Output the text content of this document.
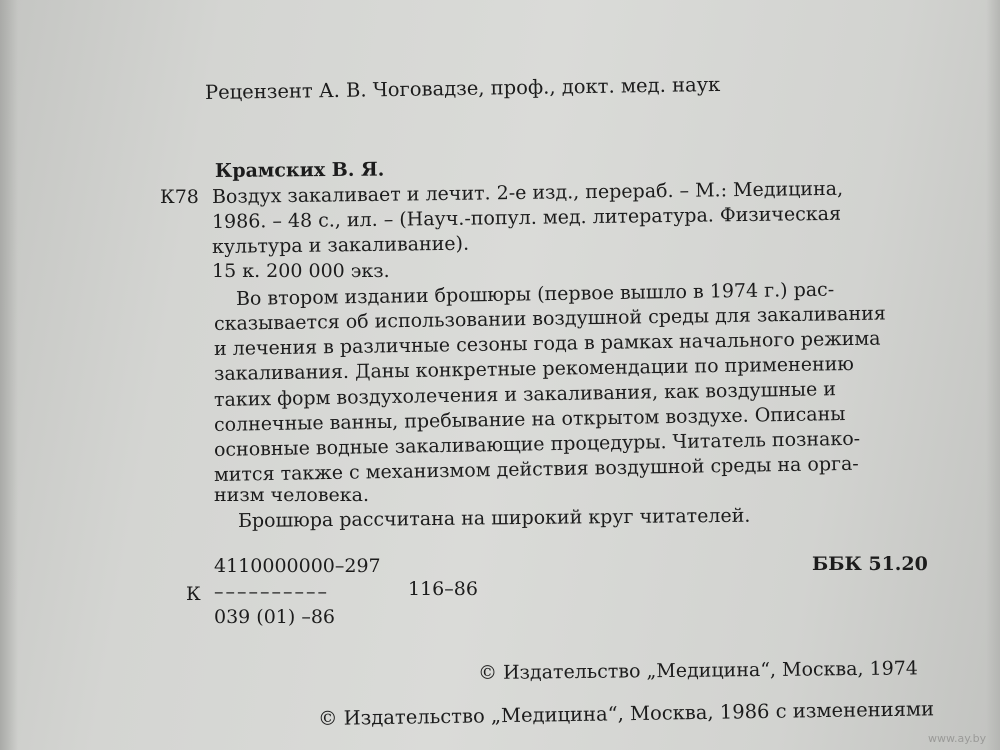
Рецензент А. В. Чоговадзе, проф., докт. мед. наук
Крамских В. Я.
К78 Воздух закаливает и лечит. 2-е изд., перераб. – М.: Медицина,
1986. – 48 с., ил. – (Науч.-попул. мед. литература. Физическая
культура и закаливание).
15 к. 200 000 экз.
Во втором издании брошюры (первое вышло в 1974 г.) рас-
сказывается об использовании воздушной среды для закаливания
и лечения в различные сезоны года в рамках начального режима
закаливания. Даны конкретные рекомендации по применению
таких форм воздухолечения и закаливания, как воздушные и
солнечные ванны, пребывание на открытом воздухе. Описаны
основные водные закаливающие процедуры. Читатель познако-
мится также с механизмом действия воздушной среды на орга-
низм человека.
Брошюра рассчитана на широкий круг читателей.
4110000000–297	ББК 51.20
К ––––––––––	116–86
039 (01) –86
© Издательство „Медицина“, Москва, 1974
© Издательство „Медицина“, Москва, 1986 с изменениями
www.ay.by
